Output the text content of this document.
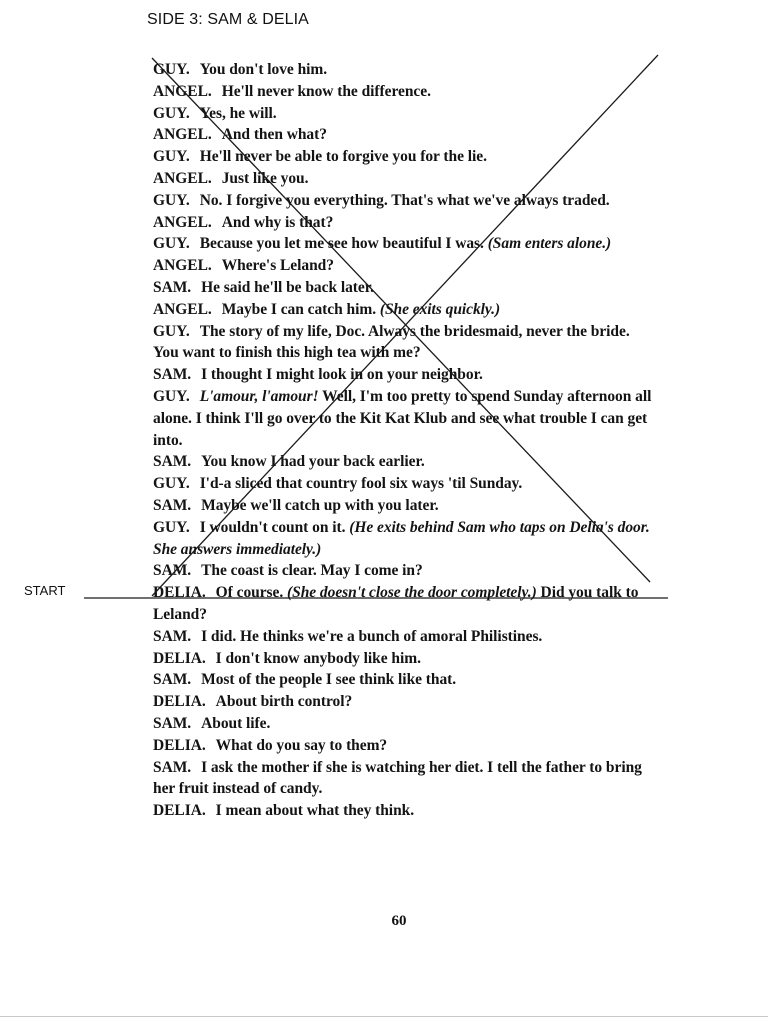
SIDE 3: SAM & DELIA

GUY. You don't love him.

ANGEL. He'll never know the difference.

GUY. Yes, he will.

ANGEL. And then what?

GUY. He'll never be able to forgive you for the lie.

ANGEL. Just like you.

GUY. No. I forgive you everything. That's what we've always traded.

ANGEL. And why is that?

GUY. Because you let me see how beautiful I was. (Sam enters alone.)

ANGEL. Where's Leland?

SAM. He said he'll be back later.

ANGEL. Maybe I can catch him. (She exits quickly.)

GUY. The story of my life, Doc. Always the bridesmaid, never the bride. You want to finish this high tea with me?

SAM. I thought I might look in on your neighbor.

GUY. L'amour, l'amour! Well, I'm too pretty to spend Sunday afternoon all alone. I think I'll go over to the Kit Kat Klub and see what trouble I can get into.

SAM. You know I had your back earlier.

GUY. I'd-a sliced that country fool six ways 'til Sunday.

SAM. Maybe we'll catch up with you later.

GUY. I wouldn't count on it. (He exits behind Sam who taps on Delia's door. She answers immediately.)

SAM. The coast is clear. May I come in?

DELIA. Of course. (She doesn't close the door completely.) Did you talk to Leland?

SAM. I did. He thinks we're a bunch of amoral Philistines.

DELIA. I don't know anybody like him.

SAM. Most of the people I see think like that.

DELIA. About birth control?

SAM. About life.

DELIA. What do you say to them?

SAM. I ask the mother if she is watching her diet. I tell the father to bring her fruit instead of candy.

DELIA. I mean about what they think.

START
60
